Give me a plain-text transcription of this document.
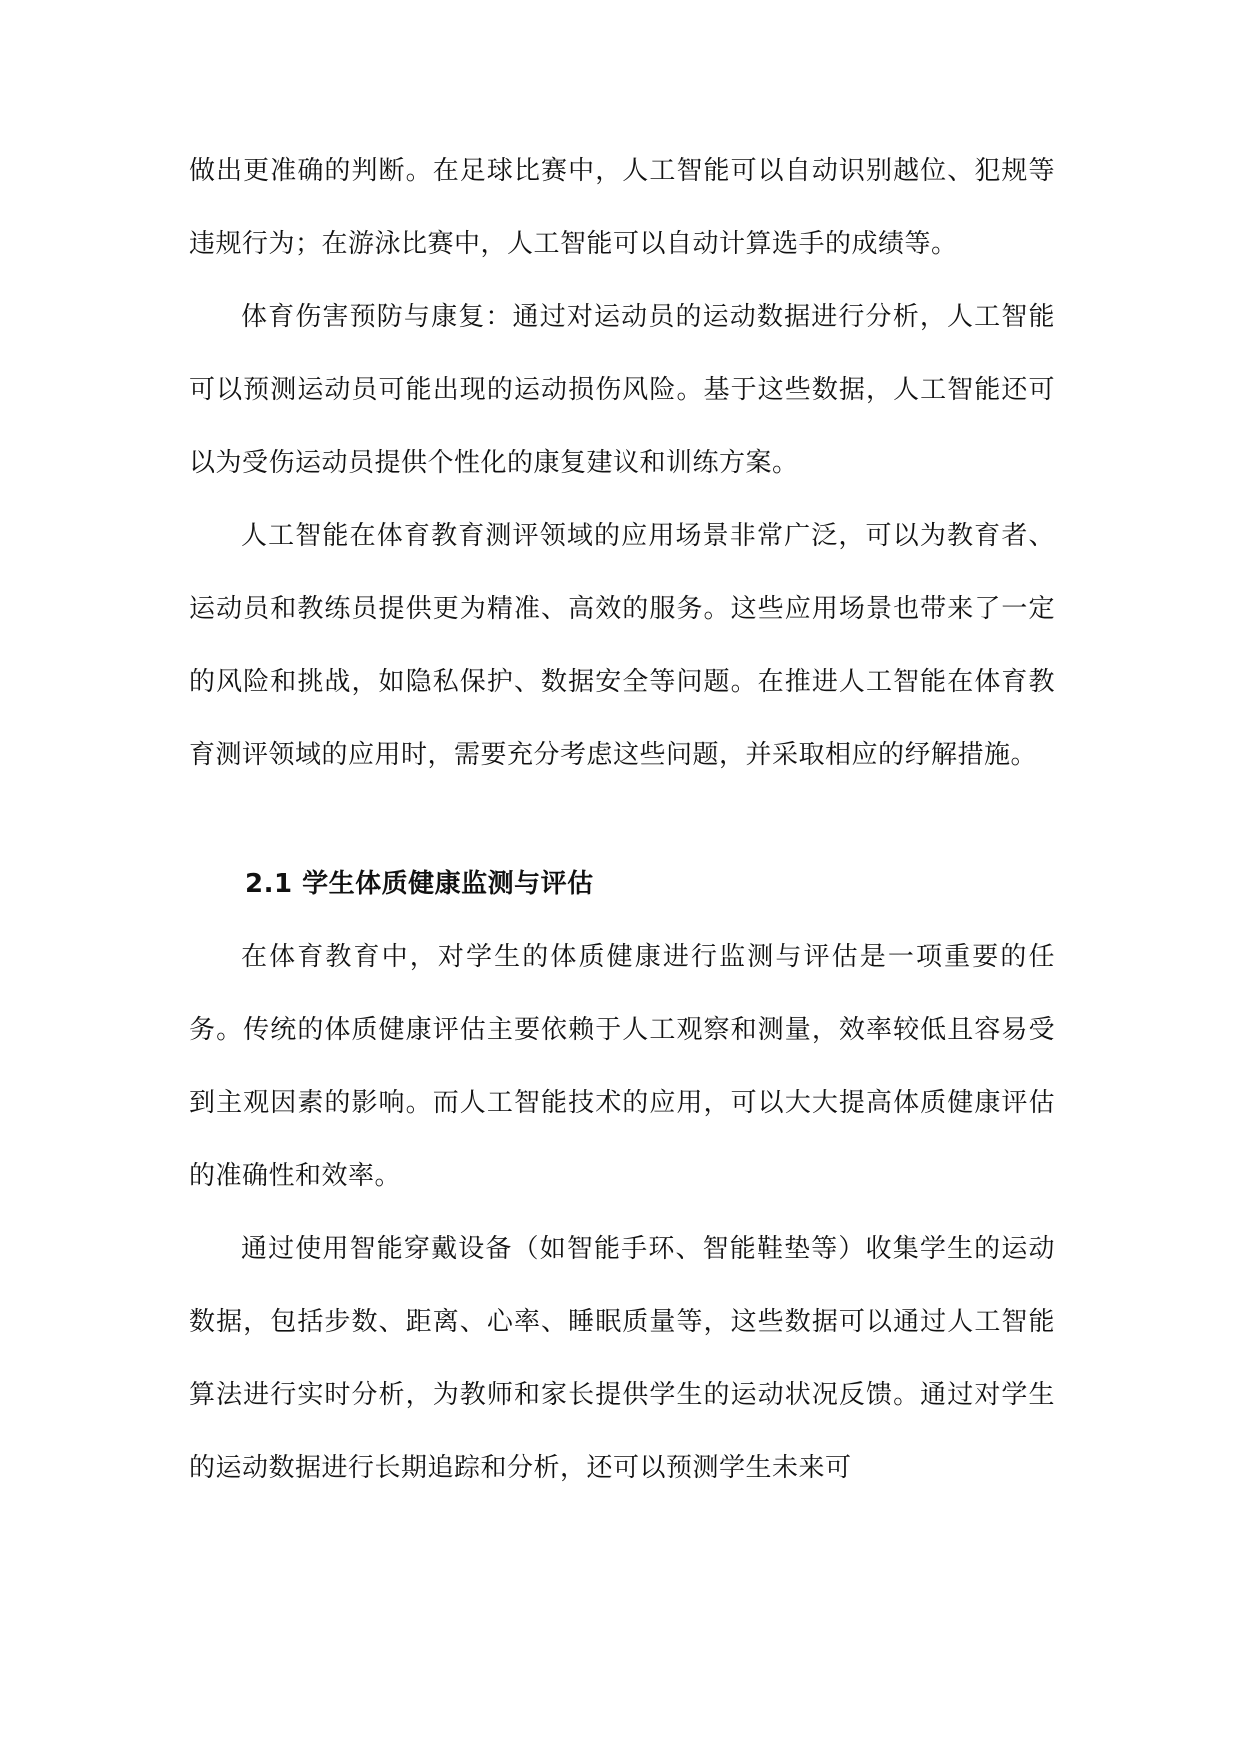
做出更准确的判断。在足球比赛中，人工智能可以自动识别越位、犯规等违规行为；在游泳比赛中，人工智能可以自动计算选手的成绩等。

体育伤害预防与康复：通过对运动员的运动数据进行分析，人工智能可以预测运动员可能出现的运动损伤风险。基于这些数据，人工智能还可以为受伤运动员提供个性化的康复建议和训练方案。

人工智能在体育教育测评领域的应用场景非常广泛，可以为教育者、运动员和教练员提供更为精准、高效的服务。这些应用场景也带来了一定的风险和挑战，如隐私保护、数据安全等问题。在推进人工智能在体育教育测评领域的应用时，需要充分考虑这些问题，并采取相应的纾解措施。

2.1 学生体质健康监测与评估

在体育教育中，对学生的体质健康进行监测与评估是一项重要的任务。传统的体质健康评估主要依赖于人工观察和测量，效率较低且容易受到主观因素的影响。而人工智能技术的应用，可以大大提高体质健康评估的准确性和效率。

通过使用智能穿戴设备（如智能手环、智能鞋垫等）收集学生的运动数据，包括步数、距离、心率、睡眠质量等，这些数据可以通过人工智能算法进行实时分析，为教师和家长提供学生的运动状况反馈。通过对学生的运动数据进行长期追踪和分析，还可以预测学生未来可
